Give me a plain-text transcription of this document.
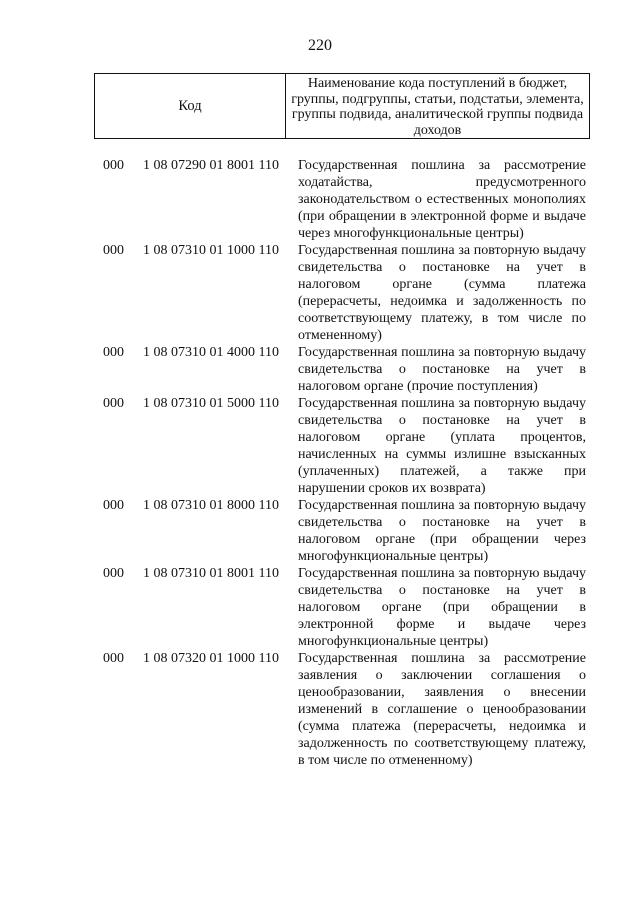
220
Код
Наименование кода поступлений в бюджет, группы, подгруппы, статьи, подстатьи, элемента, группы подвида, аналитической группы подвида доходов
000 1 08 07290 01 8001 110 Государственная пошлина за рассмотрение ходатайства, предусмотренного законодательством о естественных монополиях (при обращении в электронной форме и выдаче через многофункциональные центры)
000 1 08 07310 01 1000 110 Государственная пошлина за повторную выдачу свидетельства о постановке на учет в налоговом органе (сумма платежа (перерасчеты, недоимка и задолженность по соответствующему платежу, в том числе по отмененному)
000 1 08 07310 01 4000 110 Государственная пошлина за повторную выдачу свидетельства о постановке на учет в налоговом органе (прочие поступления)
000 1 08 07310 01 5000 110 Государственная пошлина за повторную выдачу свидетельства о постановке на учет в налоговом органе (уплата процентов, начисленных на суммы излишне взысканных (уплаченных) платежей, а также при нарушении сроков их возврата)
000 1 08 07310 01 8000 110 Государственная пошлина за повторную выдачу свидетельства о постановке на учет в налоговом органе (при обращении через многофункциональные центры)
000 1 08 07310 01 8001 110 Государственная пошлина за повторную выдачу свидетельства о постановке на учет в налоговом органе (при обращении в электронной форме и выдаче через многофункциональные центры)
000 1 08 07320 01 1000 110 Государственная пошлина за рассмотрение заявления о заключении соглашения о ценообразовании, заявления о внесении изменений в соглашение о ценообразовании (сумма платежа (перерасчеты, недоимка и задолженность по соответствующему платежу, в том числе по отмененному)
